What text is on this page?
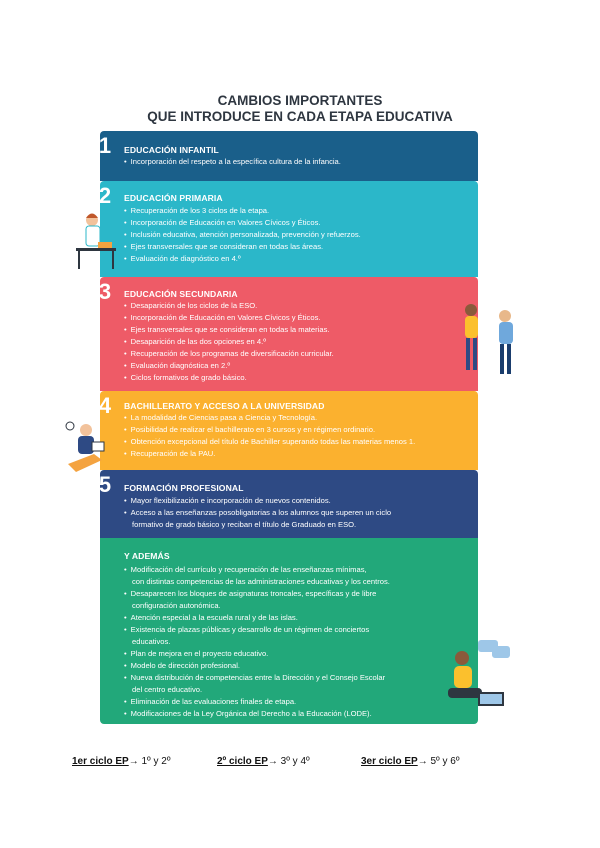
CAMBIOS IMPORTANTES
QUE INTRODUCE EN CADA ETAPA EDUCATIVA
1	EDUCACIÓN INFANTIL
• Incorporación del respeto a la específica cultura de la infancia.
2	EDUCACIÓN PRIMARIA
• Recuperación de los 3 ciclos de la etapa.
• Incorporación de Educación en Valores Cívicos y Éticos.
• Inclusión educativa, atención personalizada, prevención y refuerzos.
• Ejes transversales que se consideran en todas las áreas.
• Evaluación de diagnóstico en 4.º
3	EDUCACIÓN SECUNDARIA
• Desaparición de los ciclos de la ESO.
• Incorporación de Educación en Valores Cívicos y Éticos.
• Ejes transversales que se consideran en todas la materias.
• Desaparición de las dos opciones en 4.º
• Recuperación de los programas de diversificación curricular.
• Evaluación diagnóstica en 2.º
• Ciclos formativos de grado básico.
4	BACHILLERATO Y ACCESO A LA UNIVERSIDAD
• La modalidad de Ciencias pasa a Ciencia y Tecnología.
• Posibilidad de realizar el bachillerato en 3 cursos y en régimen ordinario.
• Obtención excepcional del título de Bachiller superando todas las materias menos 1.
• Recuperación de la PAU.
5	FORMACIÓN PROFESIONAL
• Mayor flexibilización e incorporación de nuevos contenidos.
• Acceso a las enseñanzas posobligatorias a los alumnos que superen un ciclo
formativo de grado básico y reciban el título de Graduado en ESO.
Y ADEMÁS
• Modificación del currículo y recuperación de las enseñanzas mínimas,
con distintas competencias de las administraciones educativas y los centros.
• Desaparecen los bloques de asignaturas troncales, específicas y de libre
configuración autonómica.
• Atención especial a la escuela rural y de las islas.
• Existencia de plazas públicas y desarrollo de un régimen de conciertos
educativos.
• Plan de mejora en el proyecto educativo.
• Modelo de dirección profesional.
• Nueva distribución de competencias entre la Dirección y el Consejo Escolar
del centro educativo.
• Eliminación de las evaluaciones finales de etapa.
• Modificaciones de la Ley Orgánica del Derecho a la Educación (LODE).
1er ciclo EP→ 1º y 2º	2º ciclo EP→ 3º y 4º	3er ciclo EP→ 5º y 6º
